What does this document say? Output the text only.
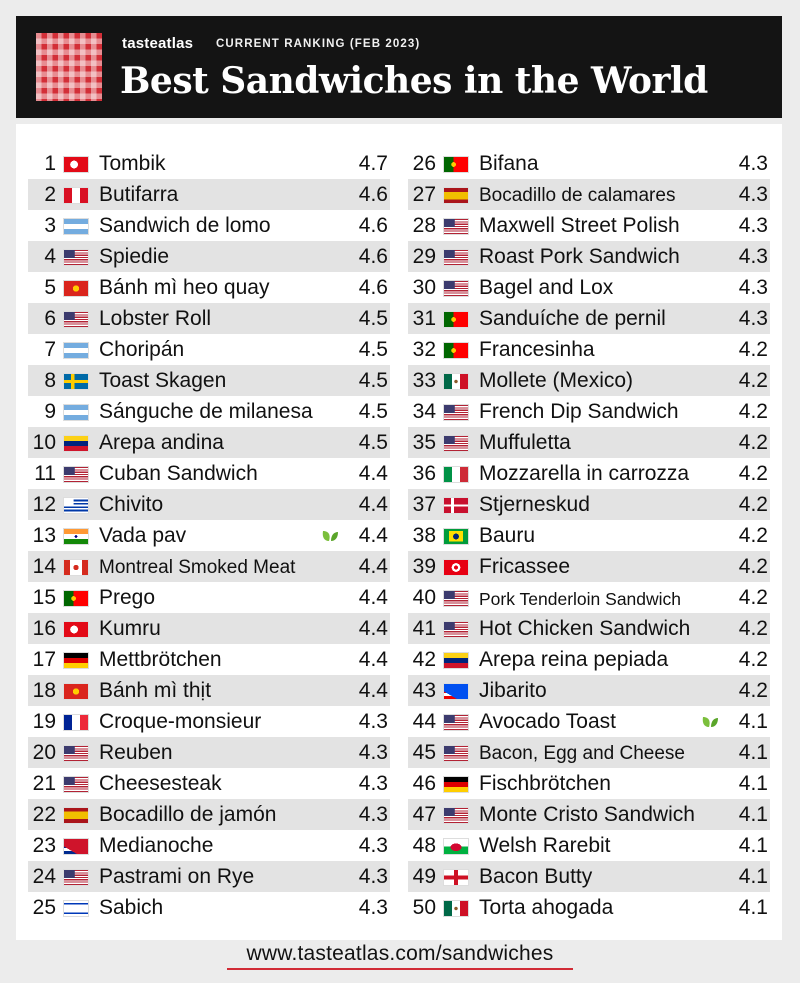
tasteatlas CURRENT RANKING (FEB 2023)
Best Sandwiches in the World
1 Tombik	4.7
2 Butifarra	4.6
3 Sandwich de lomo	4.6
4 Spiedie	4.6
5 Bánh mì heo quay	4.6
6 Lobster Roll	4.5
7 Choripán	4.5
8 Toast Skagen	4.5
9 Sánguche de milanesa 4.5
10 Arepa andina	4.5
11 Cuban Sandwich	4.4
12 Chivito	4.4
13 Vada pav	4.4
14 Montreal Smoked Meat	4.4
15 Prego	4.4
16 Kumru	4.4
17 Mettbrötchen	4.4
18 Bánh mì thịt	4.4
19 Croque-monsieur	4.3
20 Reuben	4.3
21 Cheesesteak	4.3
22 Bocadillo de jamón	4.3
23 Medianoche	4.3
24 Pastrami on Rye	4.3
25 Sabich	4.3
26 Bifana	4.3
27 Bocadillo de calamares	4.3
28 Maxwell Street Polish	4.3
29 Roast Pork Sandwich	4.3
30 Bagel and Lox	4.3
31 Sanduíche de pernil	4.3
32 Francesinha	4.2
33 Mollete (Mexico)	4.2
34 French Dip Sandwich	4.2
35 Muffuletta	4.2
36 Mozzarella in carrozza 4.2
37 Stjerneskud	4.2
38 Bauru	4.2
39 Fricassee	4.2
40 Pork Tenderloin Sandwich	4.2
41 Hot Chicken Sandwich 4.2
42 Arepa reina pepiada	4.2
43 Jibarito	4.2
44 Avocado Toast	4.1
45 Bacon, Egg and Cheese	4.1
46 Fischbrötchen	4.1
47 Monte Cristo Sandwich 4.1
48 Welsh Rarebit	4.1
49 Bacon Butty	4.1
50 Torta ahogada	4.1
www.tasteatlas.com/sandwiches
